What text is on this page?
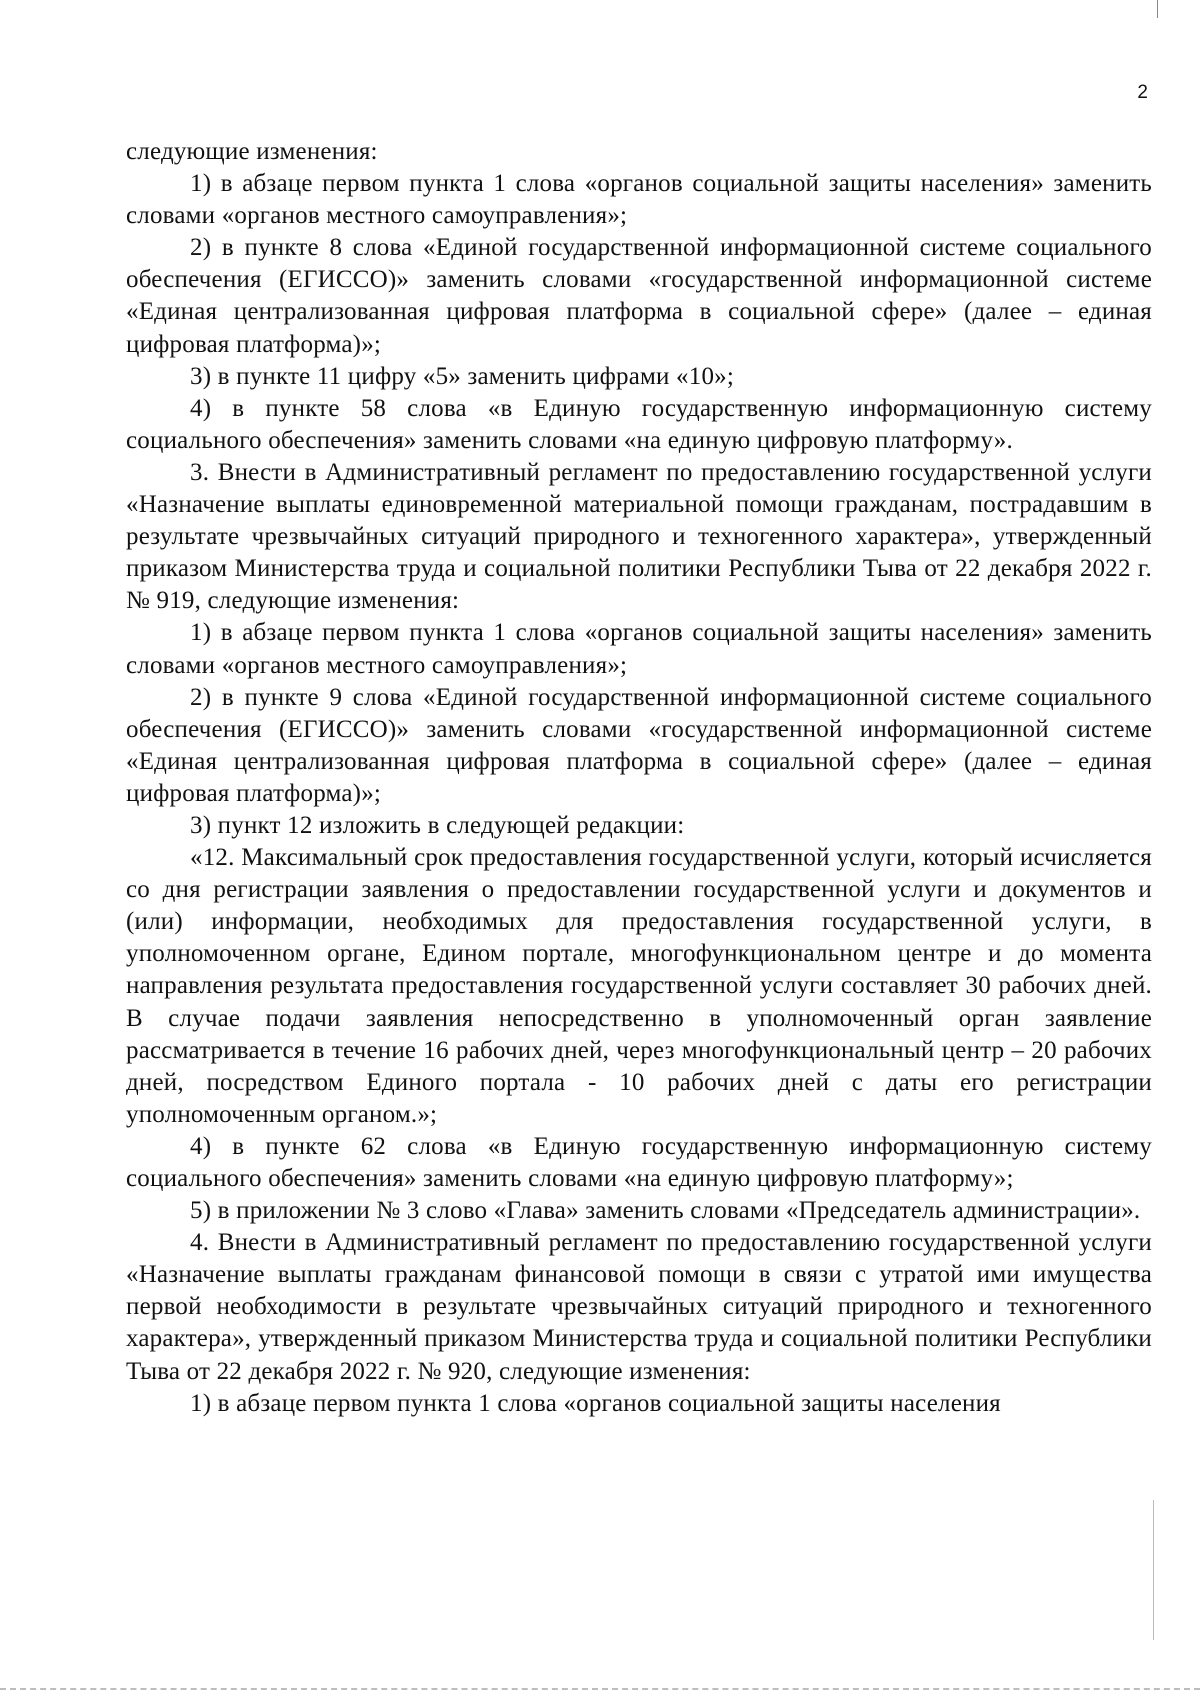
2

следующие изменения:

1) в абзаце первом пункта 1 слова «органов социальной защиты населения» заменить словами «органов местного самоуправления»;

2) в пункте 8 слова «Единой государственной информационной системе социального обеспечения (ЕГИССО)» заменить словами «государственной информационной системе «Единая централизованная цифровая платформа в социальной сфере» (далее – единая цифровая платформа)»;

3) в пункте 11 цифру «5» заменить цифрами «10»;

4) в пункте 58 слова «в Единую государственную информационную систему социального обеспечения» заменить словами «на единую цифровую платформу».

3. Внести в Административный регламент по предоставлению государственной услуги «Назначение выплаты единовременной материальной помощи гражданам, пострадавшим в результате чрезвычайных ситуаций природного и техногенного характера», утвержденный приказом Министерства труда и социальной политики Республики Тыва от 22 декабря 2022 г. № 919, следующие изменения:

1) в абзаце первом пункта 1 слова «органов социальной защиты населения» заменить словами «органов местного самоуправления»;

2) в пункте 9 слова «Единой государственной информационной системе социального обеспечения (ЕГИССО)» заменить словами «государственной информационной системе «Единая централизованная цифровая платформа в социальной сфере» (далее – единая цифровая платформа)»;

3) пункт 12 изложить в следующей редакции:

«12. Максимальный срок предоставления государственной услуги, который исчисляется со дня регистрации заявления о предоставлении государственной услуги и документов и (или) информации, необходимых для предоставления государственной услуги, в уполномоченном органе, Едином портале, многофункциональном центре и до момента направления результата предоставления государственной услуги составляет 30 рабочих дней. В случае подачи заявления непосредственно в уполномоченный орган заявление рассматривается в течение 16 рабочих дней, через многофункциональный центр – 20 рабочих дней, посредством Единого портала - 10 рабочих дней с даты его регистрации уполномоченным органом.»;

4) в пункте 62 слова «в Единую государственную информационную систему социального обеспечения» заменить словами «на единую цифровую платформу»;

5) в приложении № 3 слово «Глава» заменить словами «Председатель администрации».

4. Внести в Административный регламент по предоставлению государственной услуги «Назначение выплаты гражданам финансовой помощи в связи с утратой ими имущества первой необходимости в результате чрезвычайных ситуаций природного и техногенного характера», утвержденный приказом Министерства труда и социальной политики Республики Тыва от 22 декабря 2022 г. № 920, следующие изменения:

1) в абзаце первом пункта 1 слова «органов социальной защиты населения
